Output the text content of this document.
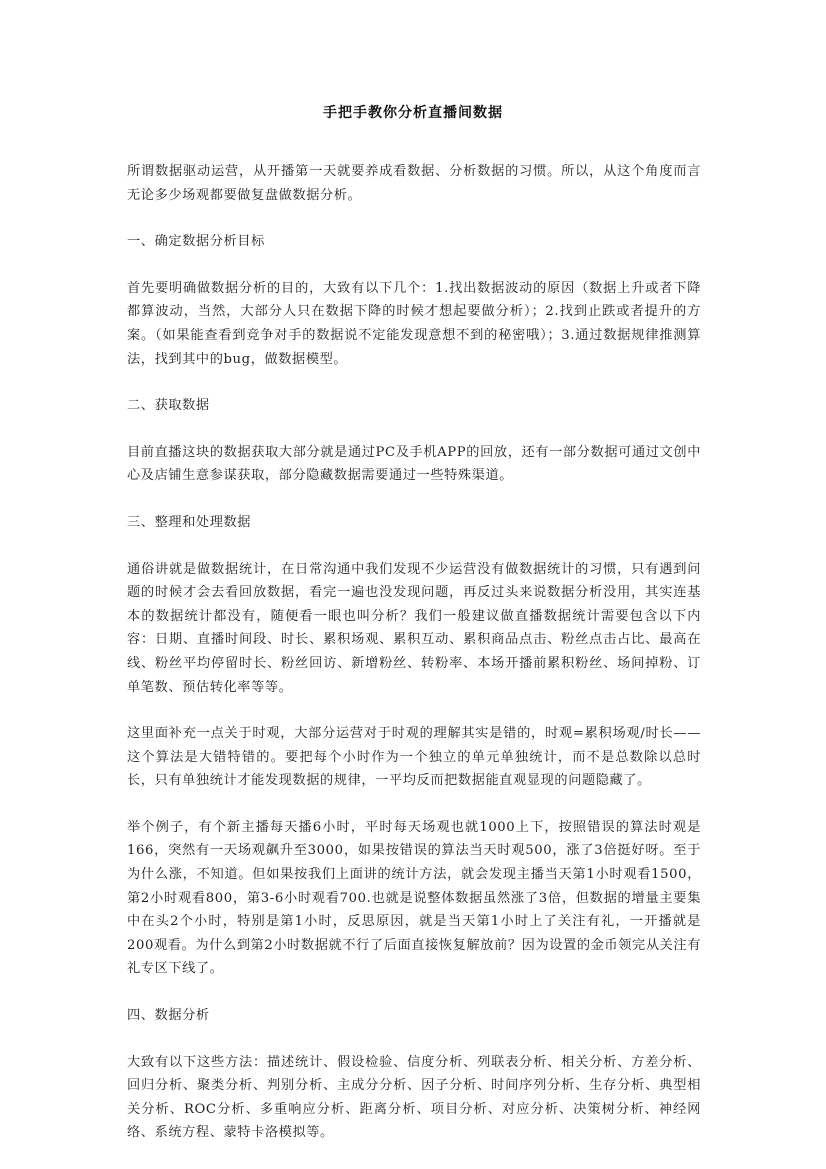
手把手教你分析直播间数据

所谓数据驱动运营，从开播第一天就要养成看数据、分析数据的习惯。所以，从这个角度而言无论多少场观都要做复盘做数据分析。

一、确定数据分析目标

首先要明确做数据分析的目的，大致有以下几个：1.找出数据波动的原因（数据上升或者下降都算波动，当然，大部分人只在数据下降的时候才想起要做分析）；2.找到止跌或者提升的方案。（如果能查看到竞争对手的数据说不定能发现意想不到的秘密哦）；3.通过数据规律推测算法，找到其中的bug，做数据模型。

二、获取数据

目前直播这块的数据获取大部分就是通过PC及手机APP的回放，还有一部分数据可通过文创中心及店铺生意参谋获取，部分隐藏数据需要通过一些特殊渠道。

三、整理和处理数据

通俗讲就是做数据统计，在日常沟通中我们发现不少运营没有做数据统计的习惯，只有遇到问题的时候才会去看回放数据，看完一遍也没发现问题，再反过头来说数据分析没用，其实连基本的数据统计都没有，随便看一眼也叫分析？我们一般建议做直播数据统计需要包含以下内容：日期、直播时间段、时长、累积场观、累积互动、累积商品点击、粉丝点击占比、最高在线、粉丝平均停留时长、粉丝回访、新增粉丝、转粉率、本场开播前累积粉丝、场间掉粉、订单笔数、预估转化率等等。

这里面补充一点关于时观，大部分运营对于时观的理解其实是错的，时观=累积场观/时长——这个算法是大错特错的。要把每个小时作为一个独立的单元单独统计，而不是总数除以总时长，只有单独统计才能发现数据的规律，一平均反而把数据能直观显现的问题隐藏了。

举个例子，有个新主播每天播6小时，平时每天场观也就1000上下，按照错误的算法时观是166，突然有一天场观飙升至3000，如果按错误的算法当天时观500，涨了3倍挺好呀。至于为什么涨，不知道。但如果按我们上面讲的统计方法，就会发现主播当天第1小时观看1500，第2小时观看800，第3-6小时观看700.也就是说整体数据虽然涨了3倍，但数据的增量主要集中在头2个小时，特别是第1小时，反思原因，就是当天第1小时上了关注有礼，一开播就是200观看。为什么到第2小时数据就不行了后面直接恢复解放前？因为设置的金币领完从关注有礼专区下线了。

四、数据分析

大致有以下这些方法：描述统计、假设检验、信度分析、列联表分析、相关分析、方差分析、回归分析、聚类分析、判别分析、主成分分析、因子分析、时间序列分析、生存分析、典型相关分析、ROC分析、多重响应分析、距离分析、项目分析、对应分析、决策树分析、神经网络、系统方程、蒙特卡洛模拟等。
